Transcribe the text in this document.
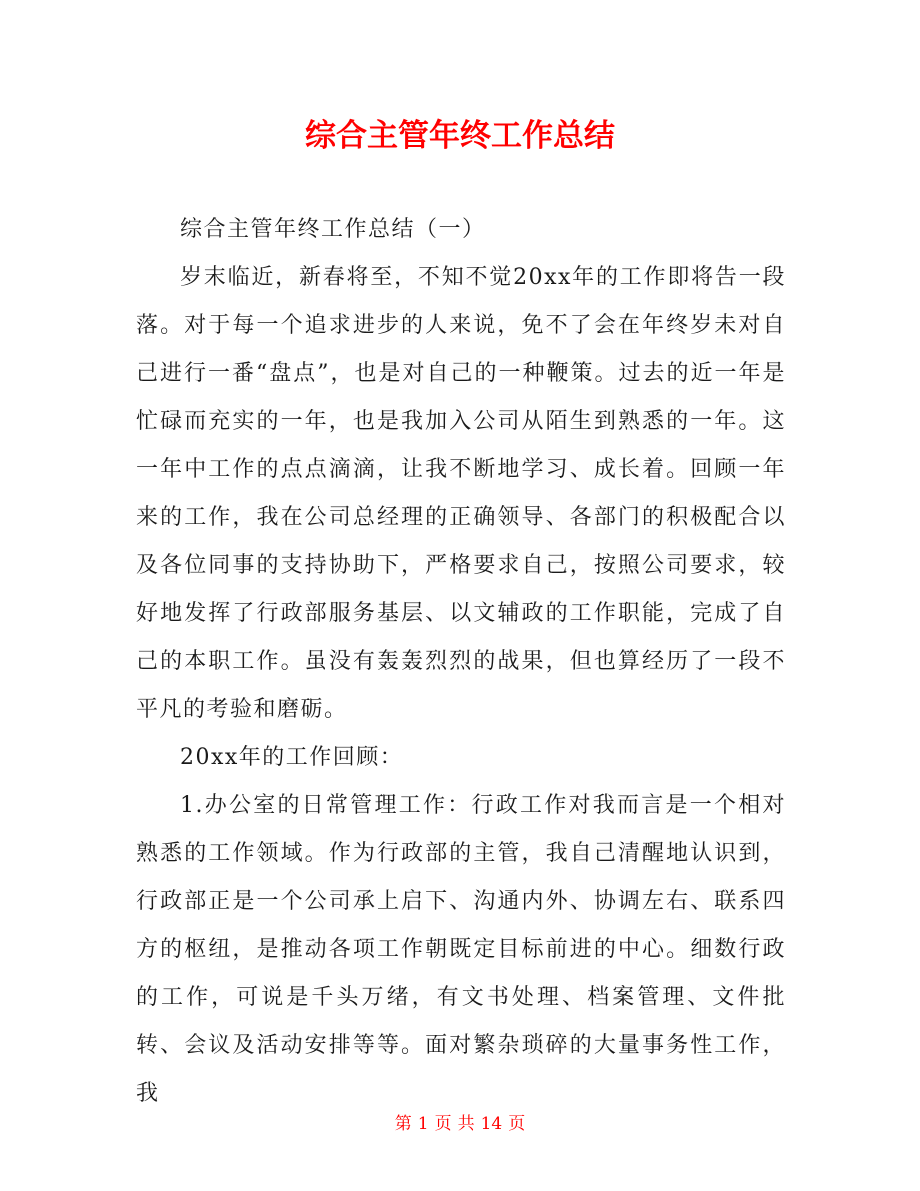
综合主管年终工作总结

综合主管年终工作总结（一）

岁末临近，新春将至，不知不觉20xx年的工作即将告一段落。对于每一个追求进步的人来说，免不了会在年终岁未对自己进行一番“盘点”，也是对自己的一种鞭策。过去的近一年是忙碌而充实的一年，也是我加入公司从陌生到熟悉的一年。这一年中工作的点点滴滴，让我不断地学习、成长着。回顾一年来的工作，我在公司总经理的正确领导、各部门的积极配合以及各位同事的支持协助下，严格要求自己，按照公司要求，较好地发挥了行政部服务基层、以文辅政的工作职能，完成了自己的本职工作。虽没有轰轰烈烈的战果，但也算经历了一段不平凡的考验和磨砺。

20xx年的工作回顾：

1.办公室的日常管理工作：行政工作对我而言是一个相对熟悉的工作领域。作为行政部的主管，我自己清醒地认识到，行政部正是一个公司承上启下、沟通内外、协调左右、联系四方的枢纽，是推动各项工作朝既定目标前进的中心。细数行政的工作，可说是千头万绪，有文书处理、档案管理、文件批转、会议及活动安排等等。面对繁杂琐碎的大量事务性工作，我

第 1 页 共 14 页
